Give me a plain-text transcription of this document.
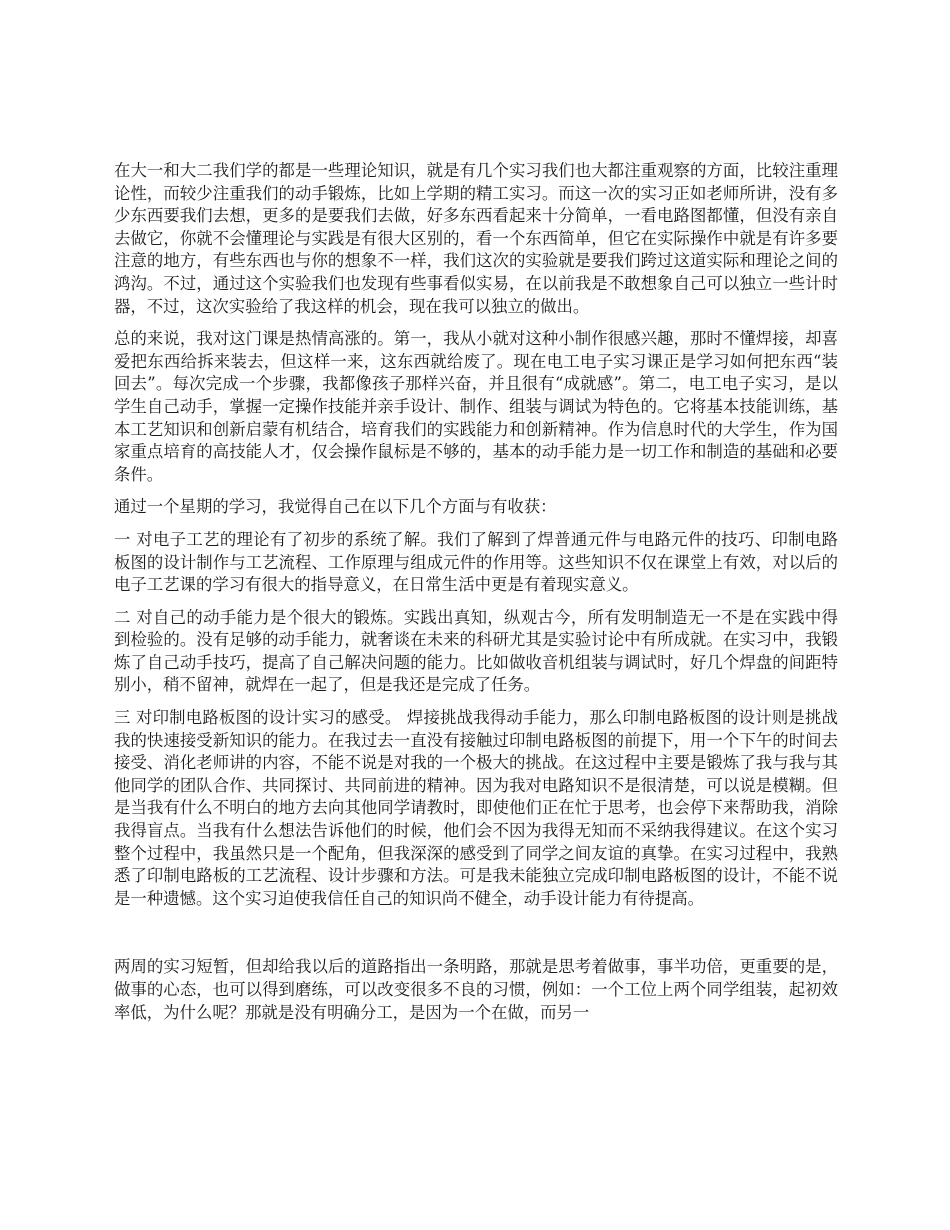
在大一和大二我们学的都是一些理论知识，就是有几个实习我们也大都注重观察的方面，比较注重理论性，而较少注重我们的动手锻炼，比如上学期的精工实习。而这一次的实习正如老师所讲，没有多少东西要我们去想，更多的是要我们去做，好多东西看起来十分简单，一看电路图都懂，但没有亲自去做它，你就不会懂理论与实践是有很大区别的，看一个东西简单，但它在实际操作中就是有许多要注意的地方，有些东西也与你的想象不一样，我们这次的实验就是要我们跨过这道实际和理论之间的鸿沟。不过，通过这个实验我们也发现有些事看似实易，在以前我是不敢想象自己可以独立一些计时器，不过，这次实验给了我这样的机会，现在我可以独立的做出。

总的来说，我对这门课是热情高涨的。第一，我从小就对这种小制作很感兴趣，那时不懂焊接，却喜爱把东西给拆来装去，但这样一来，这东西就给废了。现在电工电子实习课正是学习如何把东西“装回去”。每次完成一个步骤，我都像孩子那样兴奋，并且很有“成就感”。第二，电工电子实习，是以学生自己动手，掌握一定操作技能并亲手设计、制作、组装与调试为特色的。它将基本技能训练，基本工艺知识和创新启蒙有机结合，培育我们的实践能力和创新精神。作为信息时代的大学生，作为国家重点培育的高技能人才，仅会操作鼠标是不够的，基本的动手能力是一切工作和制造的基础和必要条件。

通过一个星期的学习，我觉得自己在以下几个方面与有收获：

一 对电子工艺的理论有了初步的系统了解。我们了解到了焊普通元件与电路元件的技巧、印制电路板图的设计制作与工艺流程、工作原理与组成元件的作用等。这些知识不仅在课堂上有效，对以后的电子工艺课的学习有很大的指导意义，在日常生活中更是有着现实意义。

二 对自己的动手能力是个很大的锻炼。实践出真知，纵观古今，所有发明制造无一不是在实践中得到检验的。没有足够的动手能力，就奢谈在未来的科研尤其是实验讨论中有所成就。在实习中，我锻炼了自己动手技巧，提高了自己解决问题的能力。比如做收音机组装与调试时，好几个焊盘的间距特别小，稍不留神，就焊在一起了，但是我还是完成了任务。

三 对印制电路板图的设计实习的感受。 焊接挑战我得动手能力，那么印制电路板图的设计则是挑战我的快速接受新知识的能力。在我过去一直没有接触过印制电路板图的前提下，用一个下午的时间去接受、消化老师讲的内容，不能不说是对我的一个极大的挑战。在这过程中主要是锻炼了我与我与其他同学的团队合作、共同探讨、共同前进的精神。因为我对电路知识不是很清楚，可以说是模糊。但是当我有什么不明白的地方去向其他同学请教时，即使他们正在忙于思考，也会停下来帮助我，消除我得盲点。当我有什么想法告诉他们的时候，他们会不因为我得无知而不采纳我得建议。在这个实习整个过程中，我虽然只是一个配角，但我深深的感受到了同学之间友谊的真挚。在实习过程中，我熟悉了印制电路板的工艺流程、设计步骤和方法。可是我未能独立完成印制电路板图的设计，不能不说是一种遗憾。这个实习迫使我信任自己的知识尚不健全，动手设计能力有待提高。

两周的实习短暂，但却给我以后的道路指出一条明路，那就是思考着做事，事半功倍，更重要的是，做事的心态，也可以得到磨练，可以改变很多不良的习惯，例如：一个工位上两个同学组装，起初效率低，为什么呢？那就是没有明确分工，是因为一个在做，而另一
